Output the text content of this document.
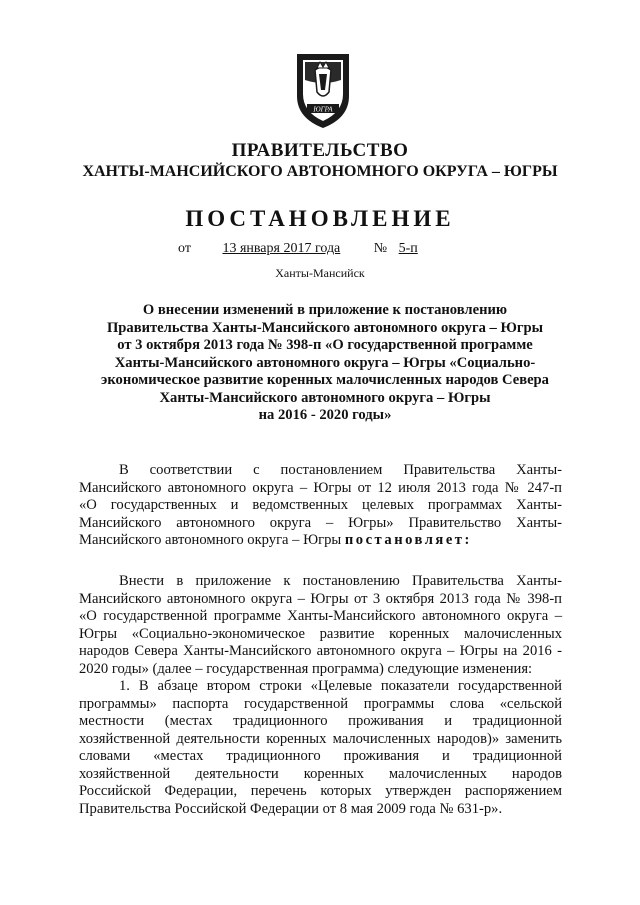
ЮГРА
ПРАВИТЕЛЬСТВО
ХАНТЫ-МАНСИЙСКОГО АВТОНОМНОГО ОКРУГА – ЮГРЫ
ПОСТАНОВЛЕНИЕ
от 13 января 2017 года № 5-п
Ханты-Мансийск
О внесении изменений в приложение к постановлению
Правительства Ханты-Мансийского автономного округа – Югры
от 3 октября 2013 года № 398-п «О государственной программе
Ханты-Мансийского автономного округа – Югры «Социально-
экономическое развитие коренных малочисленных народов Севера
Ханты-Мансийского автономного округа – Югры
на 2016 - 2020 годы»
В соответствии с постановлением Правительства Ханты-
Мансийского автономного округа – Югры от 12 июля 2013 года № 247-п
«О государственных и ведомственных целевых программах Ханты-
Мансийского автономного округа – Югры» Правительство Ханты-
Мансийского автономного округа – Югры постановляет:
Внести в приложение к постановлению Правительства Ханты-
Мансийского автономного округа – Югры от 3 октября 2013 года № 398-п
«О государственной программе Ханты-Мансийского автономного округа –
Югры «Социально-экономическое развитие коренных малочисленных
народов Севера Ханты-Мансийского автономного округа – Югры на 2016 -
2020 годы» (далее – государственная программа) следующие изменения:
1. В абзаце втором строки «Целевые показатели государственной
программы» паспорта государственной программы слова «сельской
местности (местах традиционного проживания и традиционной
хозяйственной деятельности коренных малочисленных народов)» заменить
словами «местах традиционного проживания и традиционной
хозяйственной деятельности коренных малочисленных народов
Российской Федерации, перечень которых утвержден распоряжением
Правительства Российской Федерации от 8 мая 2009 года № 631-р».
